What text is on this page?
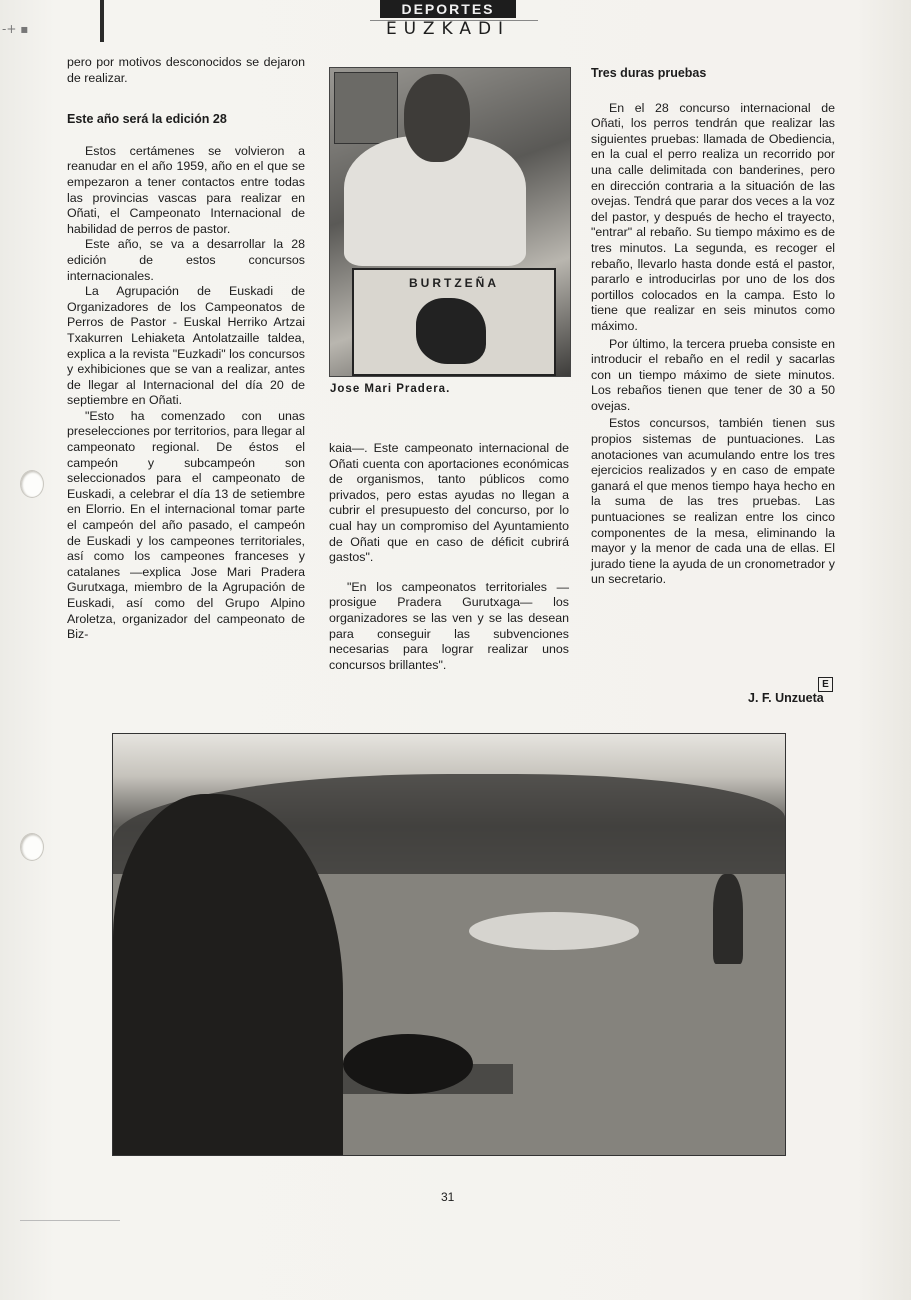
-+ ▪
DEPORTES
EUZKADI

pero por motivos desconocidos se dejaron de realizar.

Este año será la edición 28

Estos certámenes se volvieron a reanudar en el año 1959, año en el que se empezaron a tener contactos entre todas las provincias vascas para realizar en Oñati, el Campeonato Internacional de habilidad de perros de pastor.

Este año, se va a desarrollar la 28 edición de estos concursos internacionales.

La Agrupación de Euskadi de Organizadores de los Campeonatos de Perros de Pastor - Euskal Herriko Artzai Txakurren Lehiaketa Antolatzaille taldea, explica a la revista "Euzkadi" los concursos y exhibiciones que se van a realizar, antes de llegar al Internacional del día 20 de septiembre en Oñati.

"Esto ha comenzado con unas preselecciones por territorios, para llegar al campeonato regional. De éstos el campeón y subcampeón son seleccionados para el campeonato de Euskadi, a celebrar el día 13 de setiembre en Elorrio. En el internacional tomar parte el campeón del año pasado, el campeón de Euskadi y los campeones territoriales, así como los campeones franceses y catalanes —explica Jose Mari Pradera Gurutxaga, miembro de la Agrupación de Euskadi, así como del Grupo Alpino Aroletza, organizador del campeonato de Biz-

BURTZEÑA
Jose Mari Pradera.

kaia—. Este campeonato internacional de Oñati cuenta con aportaciones económicas de organismos, tanto públicos como privados, pero estas ayudas no llegan a cubrir el presupuesto del concurso, por lo cual hay un compromiso del Ayuntamiento de Oñati que en caso de déficit cubrirá gastos".

"En los campeonatos territoriales —prosigue Pradera Gurutxaga— los organizadores se las ven y se las desean para conseguir las subvenciones necesarias para lograr realizar unos concursos brillantes".

Tres duras pruebas

En el 28 concurso internacional de Oñati, los perros tendrán que realizar las siguientes pruebas: llamada de Obediencia, en la cual el perro realiza un recorrido por una calle delimitada con banderines, pero en dirección contraria a la situación de las ovejas. Tendrá que parar dos veces a la voz del pastor, y después de hecho el trayecto, "entrar" al rebaño. Su tiempo máximo es de tres minutos. La segunda, es recoger el rebaño, llevarlo hasta donde está el pastor, pararlo e introducirlas por uno de los dos portillos colocados en la campa. Esto lo tiene que realizar en seis minutos como máximo.

Por último, la tercera prueba consiste en introducir el rebaño en el redil y sacarlas con un tiempo máximo de siete minutos. Los rebaños tienen que tener de 30 a 50 ovejas.

Estos concursos, también tienen sus propios sistemas de puntuaciones. Las anotaciones van acumulando entre los tres ejercicios realizados y en caso de empate ganará el que menos tiempo haya hecho en la suma de las tres pruebas. Las puntuaciones se realizan entre los cinco componentes de la mesa, eliminando la mayor y la menor de cada una de ellas. El jurado tiene la ayuda de un cronometrador y un secretario.

E
J. F. Unzueta
31
